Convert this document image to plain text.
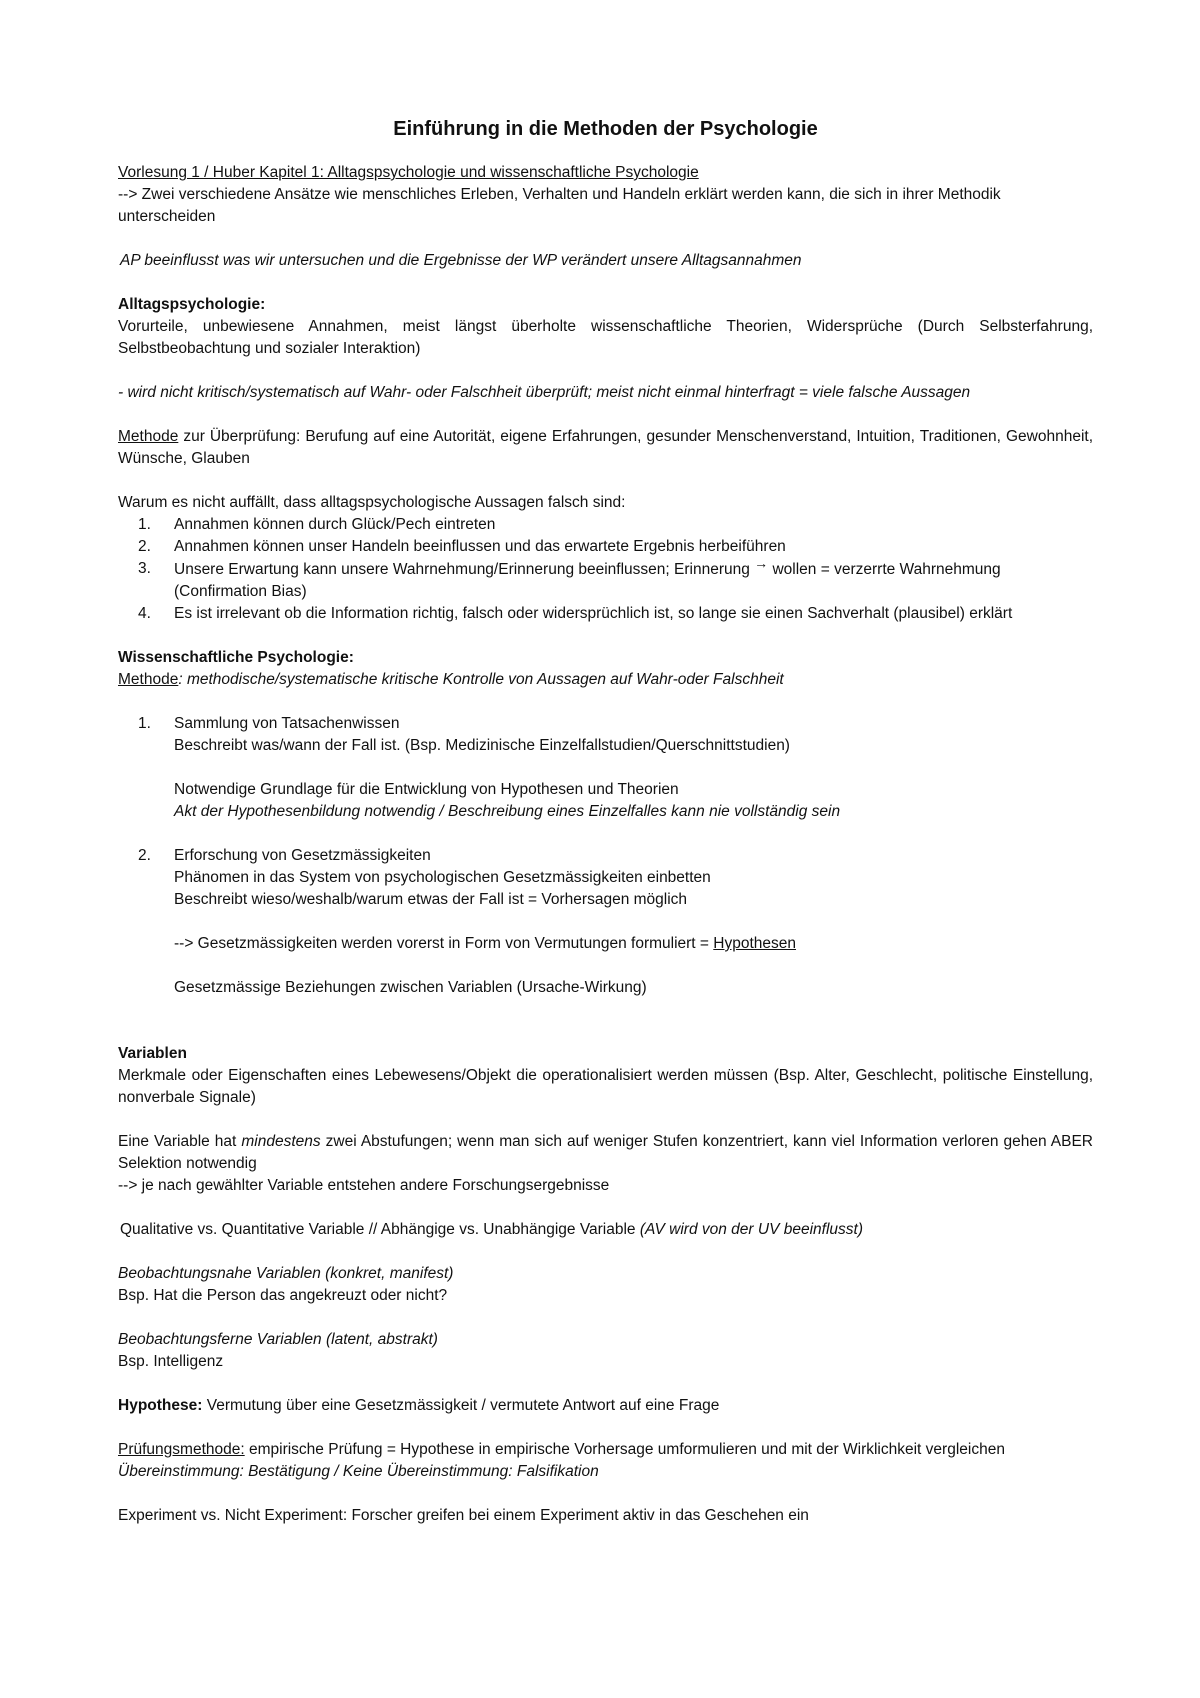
Einführung in die Methoden der Psychologie

Vorlesung 1 / Huber Kapitel 1: Alltagspsychologie und wissenschaftliche Psychologie

--> Zwei verschiedene Ansätze wie menschliches Erleben, Verhalten und Handeln erklärt werden kann, die sich in ihrer Methodik unterscheiden

AP beeinflusst was wir untersuchen und die Ergebnisse der WP verändert unsere Alltagsannahmen

Alltagspsychologie:

Vorurteile, unbewiesene Annahmen, meist längst überholte wissenschaftliche Theorien, Widersprüche (Durch Selbsterfahrung, Selbstbeobachtung und sozialer Interaktion)

- wird nicht kritisch/systematisch auf Wahr- oder Falschheit überprüft; meist nicht einmal hinterfragt = viele falsche Aussagen

Methode zur Überprüfung: Berufung auf eine Autorität, eigene Erfahrungen, gesunder Menschenverstand, Intuition, Traditionen, Gewohnheit, Wünsche, Glauben

Warum es nicht auffällt, dass alltagspsychologische Aussagen falsch sind:

1. Annahmen können durch Glück/Pech eintreten
2. Annahmen können unser Handeln beeinflussen und das erwartete Ergebnis herbeiführen
3. Unsere Erwartung kann unsere Wahrnehmung/Erinnerung beeinflussen; Erinnerung → wollen = verzerrte Wahrnehmung (Confirmation Bias)
4. Es ist irrelevant ob die Information richtig, falsch oder widersprüchlich ist, so lange sie einen Sachverhalt (plausibel) erklärt

Wissenschaftliche Psychologie:

Methode: methodische/systematische kritische Kontrolle von Aussagen auf Wahr-oder Falschheit

1. Sammlung von Tatsachenwissen

Beschreibt was/wann der Fall ist. (Bsp. Medizinische Einzelfallstudien/Querschnittstudien)

Notwendige Grundlage für die Entwicklung von Hypothesen und Theorien

Akt der Hypothesenbildung notwendig / Beschreibung eines Einzelfalles kann nie vollständig sein

2. Erforschung von Gesetzmässigkeiten

Phänomen in das System von psychologischen Gesetzmässigkeiten einbetten

Beschreibt wieso/weshalb/warum etwas der Fall ist = Vorhersagen möglich

--> Gesetzmässigkeiten werden vorerst in Form von Vermutungen formuliert = Hypothesen

Gesetzmässige Beziehungen zwischen Variablen (Ursache-Wirkung)

Variablen

Merkmale oder Eigenschaften eines Lebewesens/Objekt die operationalisiert werden müssen (Bsp. Alter, Geschlecht, politische Einstellung, nonverbale Signale)

Eine Variable hat mindestens zwei Abstufungen; wenn man sich auf weniger Stufen konzentriert, kann viel Information verloren gehen ABER Selektion notwendig

--> je nach gewählter Variable entstehen andere Forschungsergebnisse

Qualitative vs. Quantitative Variable // Abhängige vs. Unabhängige Variable (AV wird von der UV beeinflusst)

Beobachtungsnahe Variablen (konkret, manifest)

Bsp. Hat die Person das angekreuzt oder nicht?

Beobachtungsferne Variablen (latent, abstrakt)

Bsp. Intelligenz

Hypothese: Vermutung über eine Gesetzmässigkeit / vermutete Antwort auf eine Frage

Prüfungsmethode: empirische Prüfung = Hypothese in empirische Vorhersage umformulieren und mit der Wirklichkeit vergleichen

Übereinstimmung: Bestätigung / Keine Übereinstimmung: Falsifikation

Experiment vs. Nicht Experiment: Forscher greifen bei einem Experiment aktiv in das Geschehen ein
